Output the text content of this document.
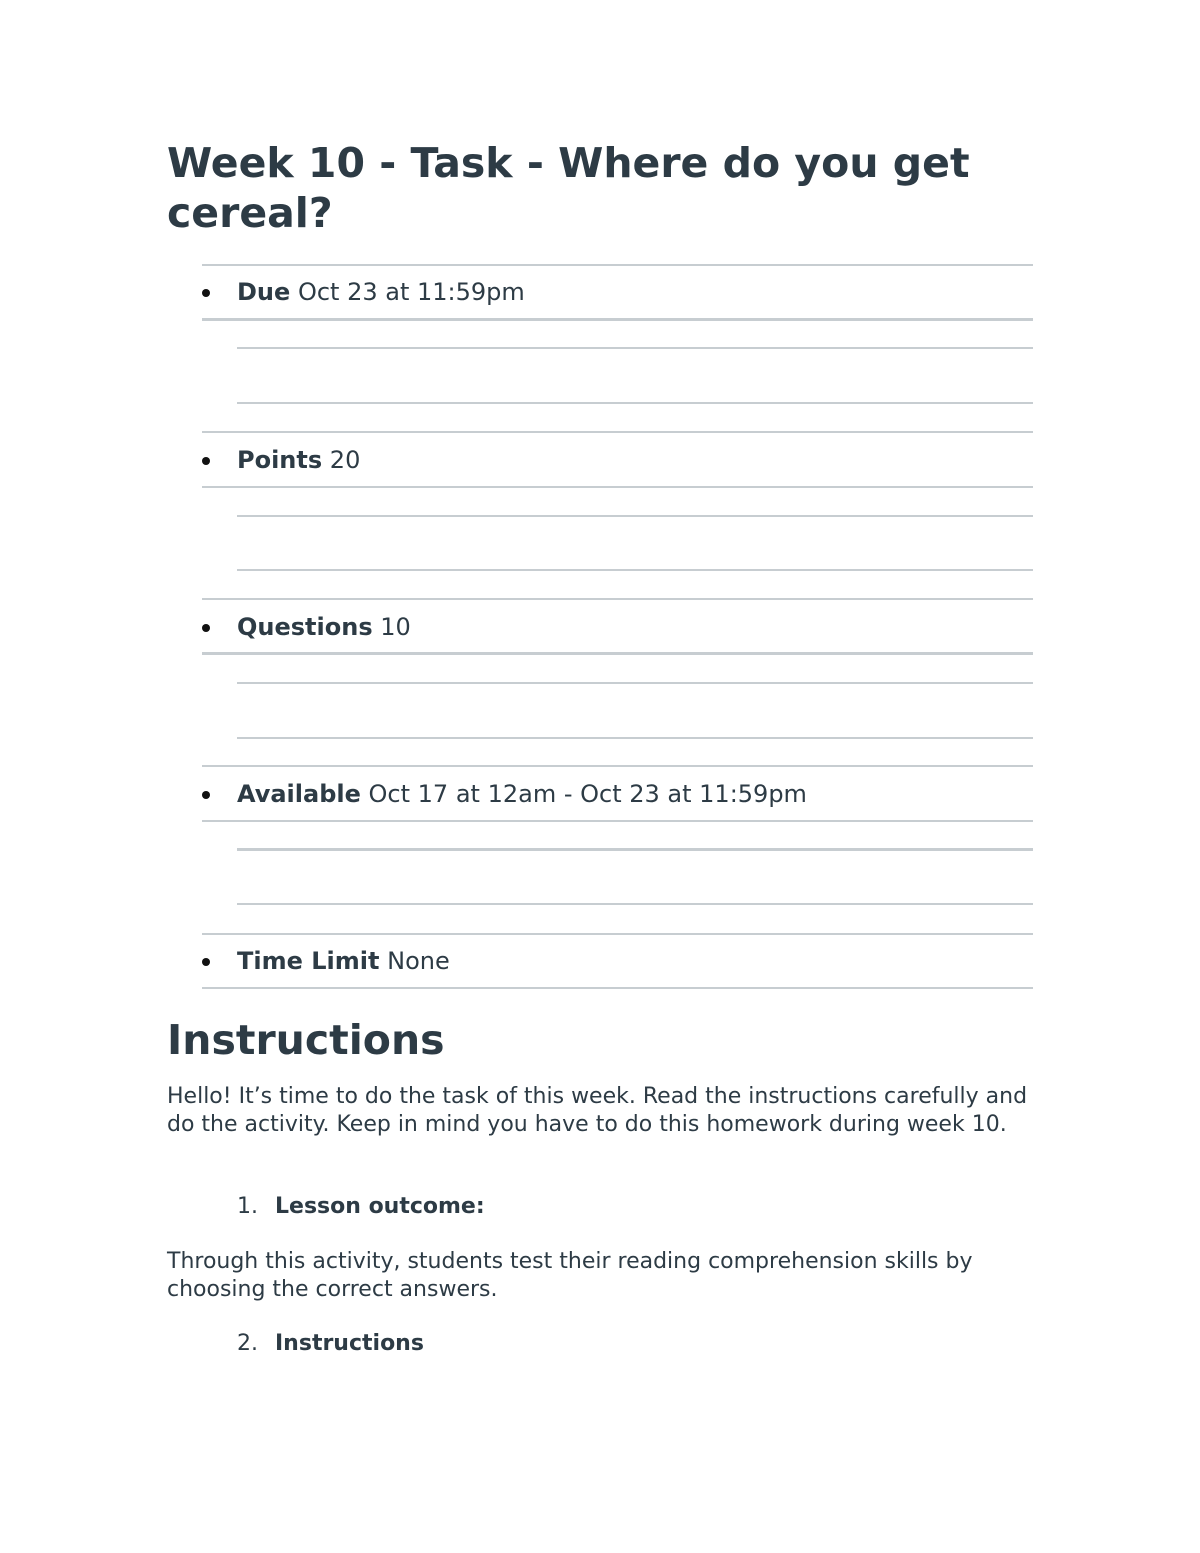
Week 10 - Task - Where do you get cereal?
Due Oct 23 at 11:59pm
Points 20
Questions 10
Available Oct 17 at 12am - Oct 23 at 11:59pm
Time Limit None
Instructions

Hello! It’s time to do the task of this week. Read the instructions carefully and do the activity. Keep in mind you have to do this homework during week 10.

1. Lesson outcome:

Through this activity, students test their reading comprehension skills by choosing the correct answers.

2. Instructions
